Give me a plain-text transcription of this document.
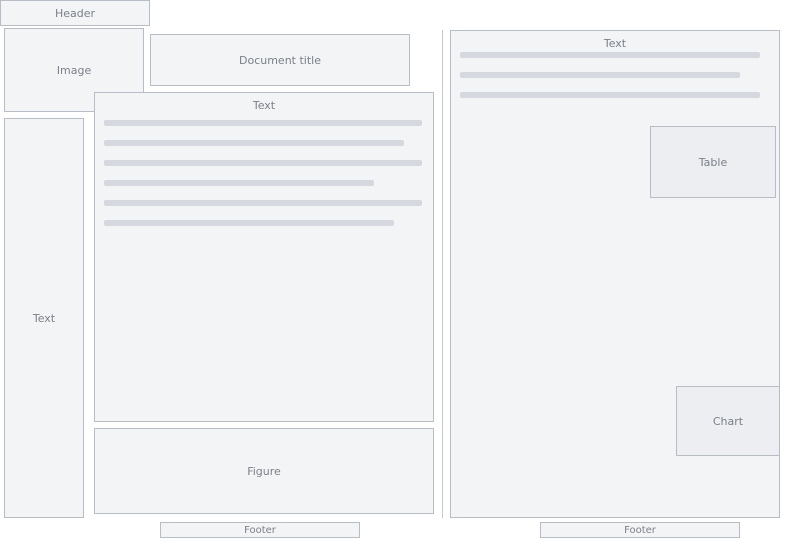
Header
Image
Text
Document title
Text
Figure
Text
Table
Chart
Footer	Footer
